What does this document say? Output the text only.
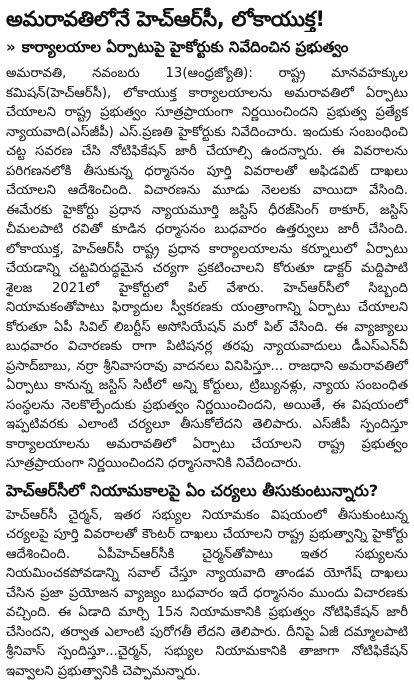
అమరావతిలోనే హెచ్‌ఆర్‌సీ, లోకాయుక్త!
» కార్యాలయాల ఏర్పాటుపై హైకోర్టుకు నివేదించిన ప్రభుత్వం

అమరావతి, నవంబరు 13(ఆంధ్రజ్యోతి): రాష్ట్ర మానవహక్కుల కమిషన్‌(హెచ్‌ఆర్‌సీ), లోకాయుక్త కార్యాలయాలను అమరావతిలో ఏర్పాటు చేయాలని రాష్ట్ర ప్రభుత్వం సూత్రప్రాయంగా నిర్ణయించిందని ప్రభుత్వ ప్రత్యేక న్యాయవాది(ఎస్‌జీపీ) ఎస్‌.ప్రణతి హైకోర్టుకు నివేదించారు. ఇందుకు సంబంధించి చట్ట సవరణ చేసి నోటిఫికేషన్‌ జారీ చేయాల్సి ఉందన్నారు. ఈ వివరాలను పరిగణనలోకి తీసుకున్న ధర్మాసనం పూర్తి వివరాలతో అఫిడవిట్‌ దాఖలు చేయాలని ఆదేశించింది. విచారణను మూడు నెలలకు వాయిదా వేసింది. ఈమేరకు హైకోర్టు ప్రధాన న్యాయమూర్తి జస్టిస్‌ ధీరజ్‌సింగ్‌ ఠాకూర్‌, జస్టిస్‌ చీమలపాటి రవితో కూడిన ధర్మాసనం బుధవారం ఉత్తర్వులు జారీ చేసింది. లోకాయుక్త, హెచ్‌ఆర్‌సీ రాష్ట్ర ప్రధాన కార్యాలయాలను కర్నూలులో ఏర్పాటు చేయడాన్ని చట్టవిరుద్ధమైన చర్యగా ప్రకటించాలని కోరుతూ డాక్టర్‌ మద్దిపాటి శైలజ 2021లో హైకోర్టులో పిల్‌ వేశారు. హెచ్‌ఆర్‌సీలో సిబ్బంది నియామకంతోపాటు ఫిర్యాదుల స్వీకరణకు యంత్రాంగాన్ని ఏర్పాటు చేయాలని కోరుతూ ఏపీ సివిల్‌ లిబర్టీస్‌ అసోసియేషన్‌ మరో పిల్‌ వేసింది. ఈ వ్యాజ్యాలు బుధవారం విచారణకు రాగా పిటిషనర్ల తరఫు న్యాయవాదులు డీఎస్‌ఎన్‌వీ ప్రసాద్‌బాబు, నర్రా శ్రీనివాసరావు వాదనలు వినిపిస్తూ... రాజధాని అమరావతిలో ఏర్పాటు కానున్న జస్టిస్‌ సిటీలో అన్ని కోర్టులు, ట్రిబ్యునళ్లు, న్యాయ సంబంధిత సంస్థలను నెలకొల్పేందుకు ప్రభుత్వం నిర్ణయించిందని, అయితే, ఈ విషయంలో ఇప్పటివరకు ఎలాంటి చర్యలూ తీసుకోలేదని తెలిపారు. ఎస్‌జీపీ స్పందిస్తూ కార్యాలయాలను అమరావతిలో ఏర్పాటు చేయాలని రాష్ట్ర ప్రభుత్వం సూత్రప్రాయంగా నిర్ణయించిందని ధర్మాసనానికి నివేదించారు.

హెచ్‌ఆర్‌సీలో నియామకాలపై ఏం చర్యలు తీసుకుంటున్నారు?

హెచ్‌ఆర్‌సీ చైర్మన్‌, ఇతర సభ్యుల నియామకం విషయంలో తీసుకుంటున్న చర్యలపై పూర్తి వివరాలతో కౌంటర్‌ దాఖలు చేయాలని రాష్ట్ర ప్రభుత్వాన్ని హైకోర్టు ఆదేశించింది. ఏపీహెచ్‌ఆర్‌సీకి చైర్మన్‌తోపాటు ఇతర సభ్యులను నియమించకపోవడాన్ని సవాల్‌ చేస్తూ న్యాయవాది తాండవ యోగేష్‌ దాఖలు చేసిన ప్రజా ప్రయోజన వ్యాజ్యం బుధవారం ఇదే ధర్మాసనం ముందు విచారణకు వచ్చింది. ఈ ఏడాది మార్చి 15న నియామకానికి ప్రభుత్వం నోటిఫికేషన్‌ జారీ చేసిందని, తర్వాత ఎలాంటి పురోగతీ లేదని తెలిపారు. దీనిపై ఏజీ దమ్మాలపాటి శ్రీనివాస్‌ స్పందిస్తూ...చైర్మన్‌, సభ్యుల నియామకానికి తాజాగా నోటిఫికేషన్‌ ఇవ్వాలని ప్రభుత్వానికి చెప్పామన్నారు.
